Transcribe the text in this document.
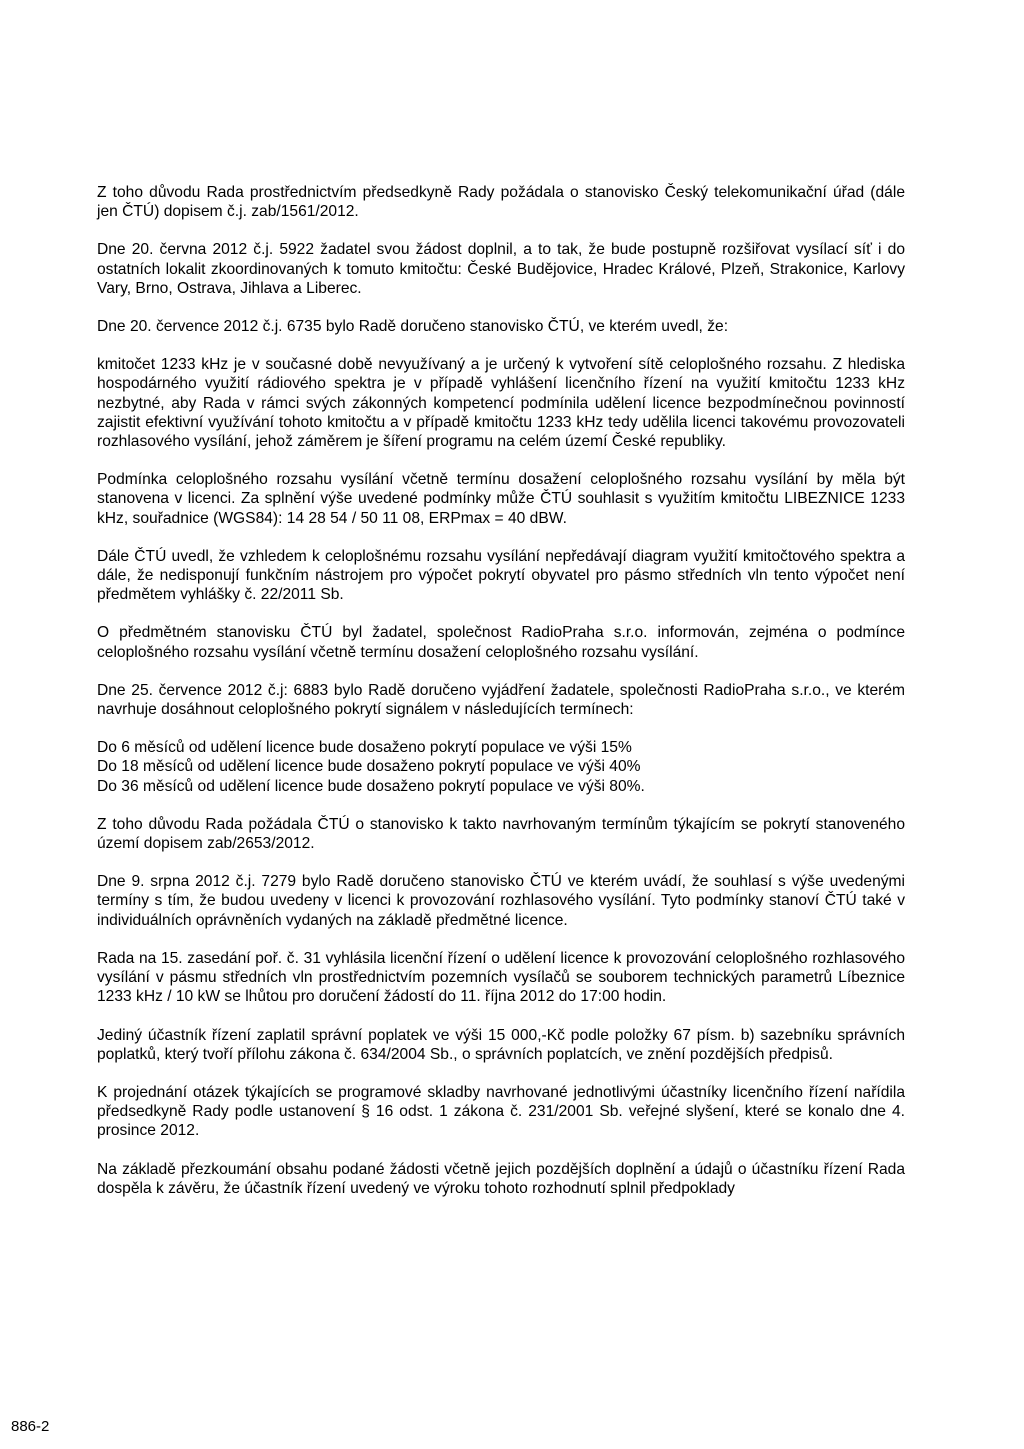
Z toho důvodu Rada prostřednictvím předsedkyně Rady požádala o stanovisko Český telekomunikační úřad (dále jen ČTÚ) dopisem č.j. zab/1561/2012.

Dne 20. června 2012 č.j. 5922 žadatel svou žádost doplnil, a to tak, že bude postupně rozšiřovat vysílací síť i do ostatních lokalit zkoordinovaných k tomuto kmitočtu: České Budějovice, Hradec Králové, Plzeň, Strakonice, Karlovy Vary, Brno, Ostrava, Jihlava a Liberec.

Dne 20. července 2012 č.j. 6735 bylo Radě doručeno stanovisko ČTÚ, ve kterém uvedl, že:

kmitočet 1233 kHz je v současné době nevyužívaný a je určený k vytvoření sítě celoplošného rozsahu. Z hlediska hospodárného využití rádiového spektra je v případě vyhlášení licenčního řízení na využití kmitočtu 1233 kHz nezbytné, aby Rada v rámci svých zákonných kompetencí podmínila udělení licence bezpodmínečnou povinností zajistit efektivní využívání tohoto kmitočtu a v případě kmitočtu 1233 kHz tedy udělila licenci takovému provozovateli rozhlasového vysílání, jehož záměrem je šíření programu na celém území České republiky.

Podmínka celoplošného rozsahu vysílání včetně termínu dosažení celoplošného rozsahu vysílání by měla být stanovena v licenci. Za splnění výše uvedené podmínky může ČTÚ souhlasit s využitím kmitočtu LIBEZNICE 1233 kHz, souřadnice (WGS84): 14 28 54 / 50 11 08, ERPmax = 40 dBW.

Dále ČTÚ uvedl, že vzhledem k celoplošnému rozsahu vysílání nepředávají diagram využití kmitočtového spektra a dále, že nedisponují funkčním nástrojem pro výpočet pokrytí obyvatel pro pásmo středních vln tento výpočet není předmětem vyhlášky č. 22/2011 Sb.

O předmětném stanovisku ČTÚ byl žadatel, společnost RadioPraha s.r.o. informován, zejména o podmínce celoplošného rozsahu vysílání včetně termínu dosažení celoplošného rozsahu vysílání.

Dne 25. července 2012 č.j: 6883 bylo Radě doručeno vyjádření žadatele, společnosti RadioPraha s.r.o., ve kterém navrhuje dosáhnout celoplošného pokrytí signálem v následujících termínech:

Do 6 měsíců od udělení licence bude dosaženo pokrytí populace ve výši 15%
Do 18 měsíců od udělení licence bude dosaženo pokrytí populace ve výši 40%
Do 36 měsíců od udělení licence bude dosaženo pokrytí populace ve výši 80%.

Z toho důvodu Rada požádala ČTÚ o stanovisko k takto navrhovaným termínům týkajícím se pokrytí stanoveného území dopisem zab/2653/2012.

Dne 9. srpna 2012 č.j. 7279 bylo Radě doručeno stanovisko ČTÚ ve kterém uvádí, že souhlasí s výše uvedenými termíny s tím, že budou uvedeny v licenci k provozování rozhlasového vysílání. Tyto podmínky stanoví ČTÚ také v individuálních oprávněních vydaných na základě předmětné licence.

Rada na 15. zasedání poř. č. 31 vyhlásila licenční řízení o udělení licence k provozování celoplošného rozhlasového vysílání v pásmu středních vln prostřednictvím pozemních vysílačů se souborem technických parametrů Líbeznice 1233 kHz / 10 kW se lhůtou pro doručení žádostí do 11. října 2012 do 17:00 hodin.

Jediný účastník řízení zaplatil správní poplatek ve výši 15 000,-Kč podle položky 67 písm. b) sazebníku správních poplatků, který tvoří přílohu zákona č. 634/2004 Sb., o správních poplatcích, ve znění pozdějších předpisů.

K projednání otázek týkajících se programové skladby navrhované jednotlivými účastníky licenčního řízení nařídila předsedkyně Rady podle ustanovení § 16 odst. 1 zákona č. 231/2001 Sb. veřejné slyšení, které se konalo dne 4. prosince 2012.

Na základě přezkoumání obsahu podané žádosti včetně jejich pozdějších doplnění a údajů o účastníku řízení Rada dospěla k závěru, že účastník řízení uvedený ve výroku tohoto rozhodnutí splnil předpoklady

886-2
